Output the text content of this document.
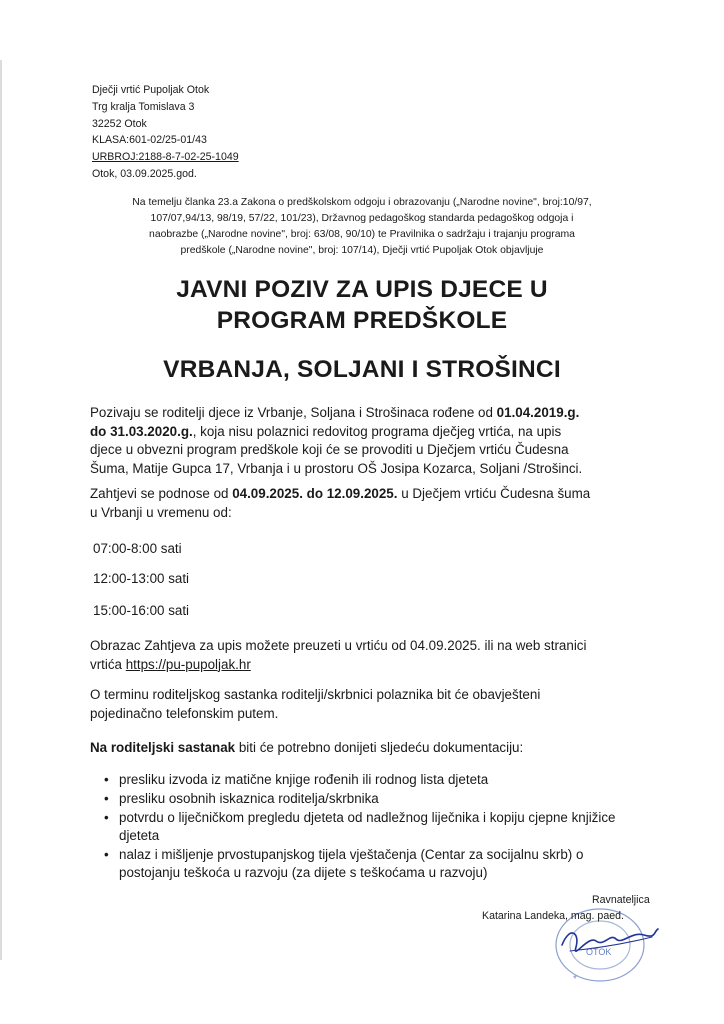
Dječji vrtić Pupoljak Otok
Trg kralja Tomislava 3
32252 Otok
KLASA:601-02/25-01/43
URBROJ:2188-8-7-02-25-1049
Otok, 03.09.2025.god.
Na temelju članka 23.a Zakona o predškolskom odgoju i obrazovanju („Narodne novine", broj:10/97,
107/07,94/13, 98/19, 57/22, 101/23), Državnog pedagoškog standarda pedagoškog odgoja i
naobrazbe („Narodne novine", broj: 63/08, 90/10) te Pravilnika o sadržaju i trajanju programa
predškole („Narodne novine", broj: 107/14), Dječji vrtić Pupoljak Otok objavljuje
JAVNI POZIV ZA UPIS DJECE U
PROGRAM PREDŠKOLE
VRBANJA, SOLJANI I STROŠINCI
Pozivaju se roditelji djece iz Vrbanje, Soljana i Strošinaca rođene od 01.04.2019.g.
do 31.03.2020.g., koja nisu polaznici redovitog programa dječjeg vrtića, na upis
djece u obvezni program predškole koji će se provoditi u Dječjem vrtiću Čudesna
Šuma, Matije Gupca 17, Vrbanja i u prostoru OŠ Josipa Kozarca, Soljani /Strošinci.
Zahtjevi se podnose od 04.09.2025. do 12.09.2025. u Dječjem vrtiću Čudesna šuma
u Vrbanji u vremenu od:
07:00-8:00 sati
12:00-13:00 sati
15:00-16:00 sati
Obrazac Zahtjeva za upis možete preuzeti u vrtiću od 04.09.2025. ili na web stranici
vrtića https://pu-pupoljak.hr
O terminu roditeljskog sastanka roditelji/skrbnici polaznika bit će obavješteni
pojedinačno telefonskim putem.
Na roditeljski sastanak biti će potrebno donijeti sljedeću dokumentaciju:
• presliku izvoda iz matične knjige rođenih ili rodnog lista djeteta
• presliku osobnih iskaznica roditelja/skrbnika
• potvrdu o liječničkom pregledu djeteta od nadležnog liječnika i kopiju cjepne knjižice djeteta
• nalaz i mišljenje prvostupanjskog tijela vještačenja (Centar za socijalnu skrb) o postojanju teškoća u razvoju (za dijete s teškoćama u razvoju)
OTOK
*
Ravnateljica
Katarina Landeka, mag. paed.
